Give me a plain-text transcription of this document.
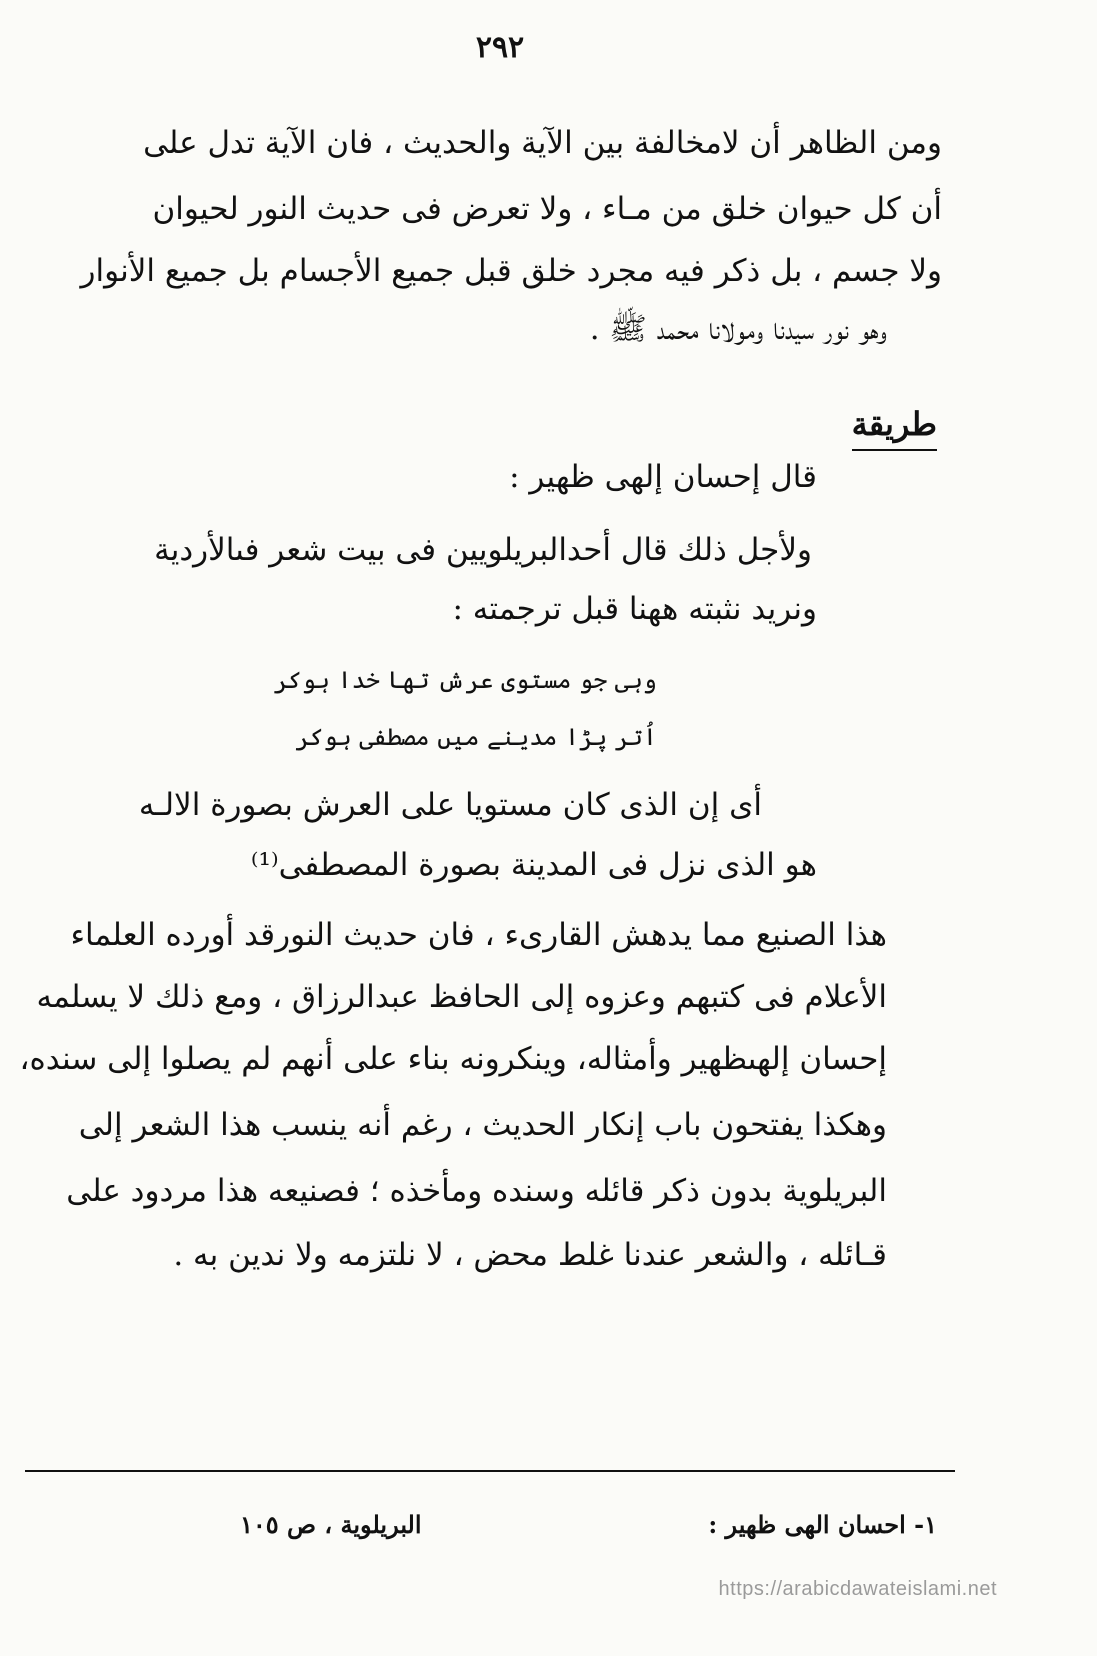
٢٩٢
ومن الظاهر أن لامخالفة بين الآية والحديث ، فان الآية تدل على
أن كل حيوان خلق من مـاء ، ولا تعرض فى حديث النور لحيوان
ولا جسم ، بل ذكر فيه مجرد خلق قبل جميع الأجسام بل جميع الأنوار
وهو نور سيدنا ومولانا محمد ﷺ .
طريقة
قال إحسان إلهى ظهير :
ولأجل ذلك قال أحدالبريلويين فى بيت شعر فىالأردية
ونريد نثبته ههنا قبل ترجمته :
وہی جو مستوی عرش تھا خدا ہوکر
اُتر پڑا مدینے میں مصطفی ہوکر
أى إن الذى كان مستويا على العرش بصورة الالـه
هو الذى نزل فى المدينة بصورة المصطفى⁽¹⁾
هذا الصنيع مما يدهش القارىء ، فان حديث النورقد أورده العلماء
الأعلام فى كتبهم وعزوه إلى الحافظ عبدالرزاق ، ومع ذلك لا يسلمه
إحسان إلهىظهير وأمثاله، وينكرونه بناء على أنهم لم يصلوا إلى سنده،
وهكذا يفتحون باب إنكار الحديث ، رغم أنه ينسب هذا الشعر إلى
البريلوية بدون ذكر قائله وسنده ومأخذه ؛ فصنيعه هذا مردود على
قـائله ، والشعر عندنا غلط محض ، لا نلتزمه ولا ندين به .
١- احسان الهى ظهير :
البريلوية ، ص ١٠٥
https://arabicdawateislami.net
